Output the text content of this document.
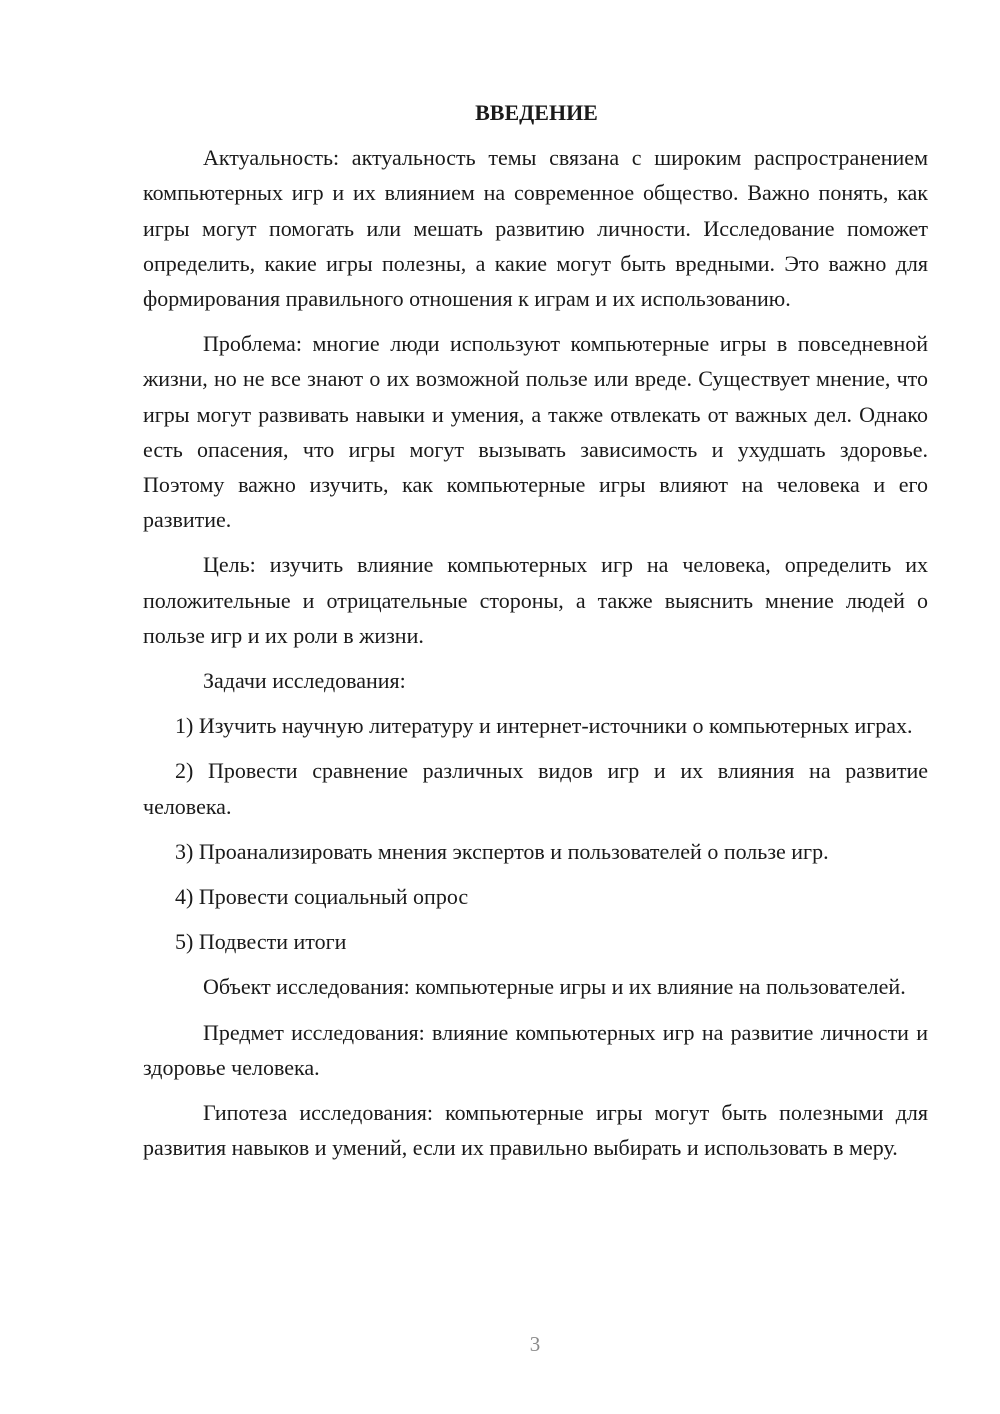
ВВЕДЕНИЕ

Актуальность: актуальность темы связана с широким распространением компьютерных игр и их влиянием на современное общество. Важно понять, как игры могут помогать или мешать развитию личности. Исследование поможет определить, какие игры полезны, а какие могут быть вредными. Это важно для формирования правильного отношения к играм и их использованию.

Проблема: многие люди используют компьютерные игры в повседневной жизни, но не все знают о их возможной пользе или вреде. Существует мнение, что игры могут развивать навыки и умения, а также отвлекать от важных дел. Однако есть опасения, что игры могут вызывать зависимость и ухудшать здоровье. Поэтому важно изучить, как компьютерные игры влияют на человека и его развитие.

Цель: изучить влияние компьютерных игр на человека, определить их положительные и отрицательные стороны, а также выяснить мнение людей о пользе игр и их роли в жизни.

Задачи исследования:

1) Изучить научную литературу и интернет-источники о компьютерных играх.

2) Провести сравнение различных видов игр и их влияния на развитие человека.

3) Проанализировать мнения экспертов и пользователей о пользе игр.

4) Провести социальный опрос

5) Подвести итоги

Объект исследования: компьютерные игры и их влияние на пользователей.

Предмет исследования: влияние компьютерных игр на развитие личности и здоровье человека.

Гипотеза исследования: компьютерные игры могут быть полезными для развития навыков и умений, если их правильно выбирать и использовать в меру.

3
